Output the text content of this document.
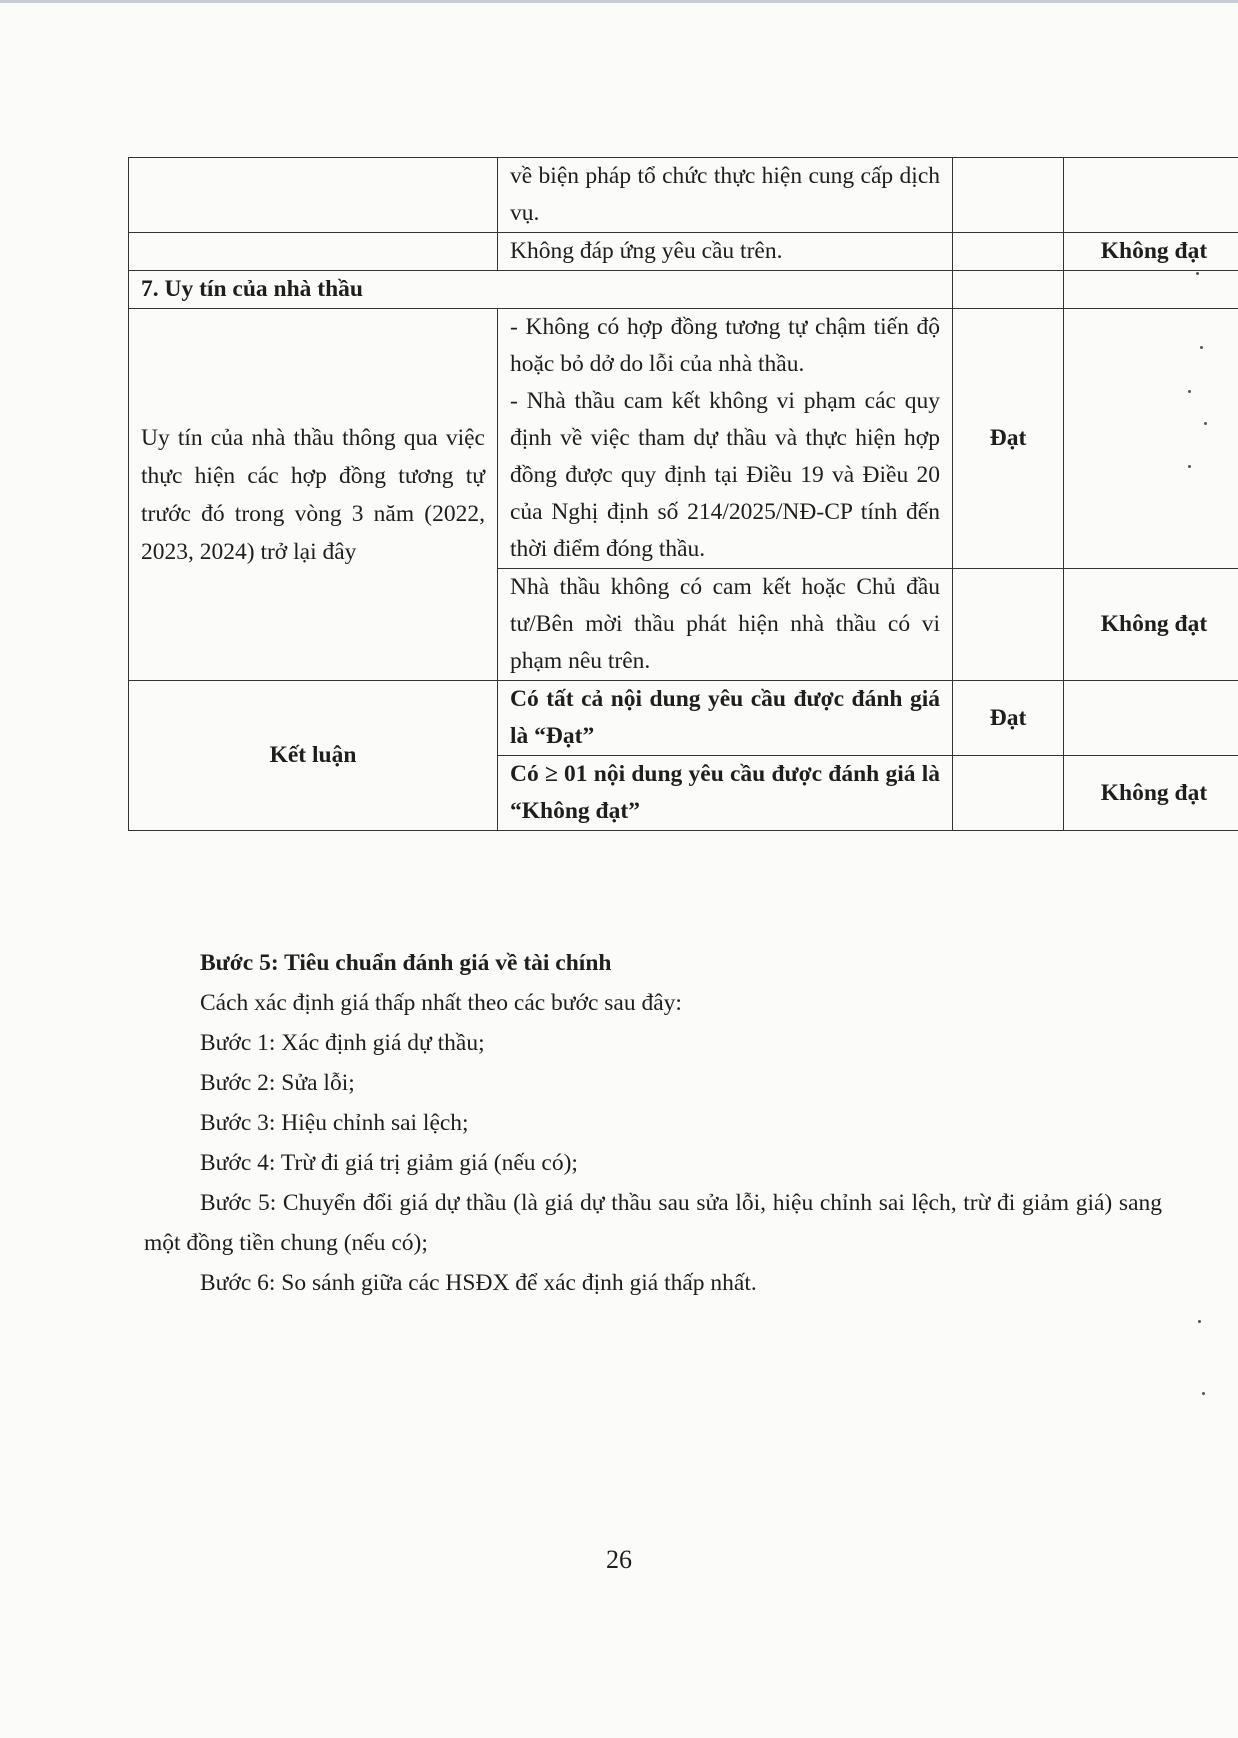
	về biện pháp tổ chức thực hiện cung cấp dịch vụ.		
	Không đáp ứng yêu cầu trên.		Không đạt
7. Uy tín của nhà thầu			
Uy tín của nhà thầu thông qua việc thực hiện các hợp đồng tương tự trước đó trong vòng 3 năm (2022, 2023, 2024) trở lại đây	- Không có hợp đồng tương tự chậm tiến độ hoặc bỏ dở do lỗi của nhà thầu.

- Nhà thầu cam kết không vi phạm các quy định về việc tham dự thầu và thực hiện hợp đồng được quy định tại Điều 19 và Điều 20 của Nghị định số 214/2025/NĐ-CP tính đến thời điểm đóng thầu.	Đạt	
	Nhà thầu không có cam kết hoặc Chủ đầu tư/Bên mời thầu phát hiện nhà thầu có vi phạm nêu trên.		Không đạt
Kết luận	Có tất cả nội dung yêu cầu được đánh giá là “Đạt”	Đạt	
	Có ≥ 01 nội dung yêu cầu được đánh giá là “Không đạt”		Không đạt
Bước 5: Tiêu chuẩn đánh giá về tài chính
Cách xác định giá thấp nhất theo các bước sau đây:
Bước 1: Xác định giá dự thầu;
Bước 2: Sửa lỗi;
Bước 3: Hiệu chỉnh sai lệch;
Bước 4: Trừ đi giá trị giảm giá (nếu có);
Bước 5: Chuyển đổi giá dự thầu (là giá dự thầu sau sửa lỗi, hiệu chỉnh sai lệch, trừ đi giảm giá) sang một đồng tiền chung (nếu có);
Bước 6: So sánh giữa các HSĐX để xác định giá thấp nhất.
26
